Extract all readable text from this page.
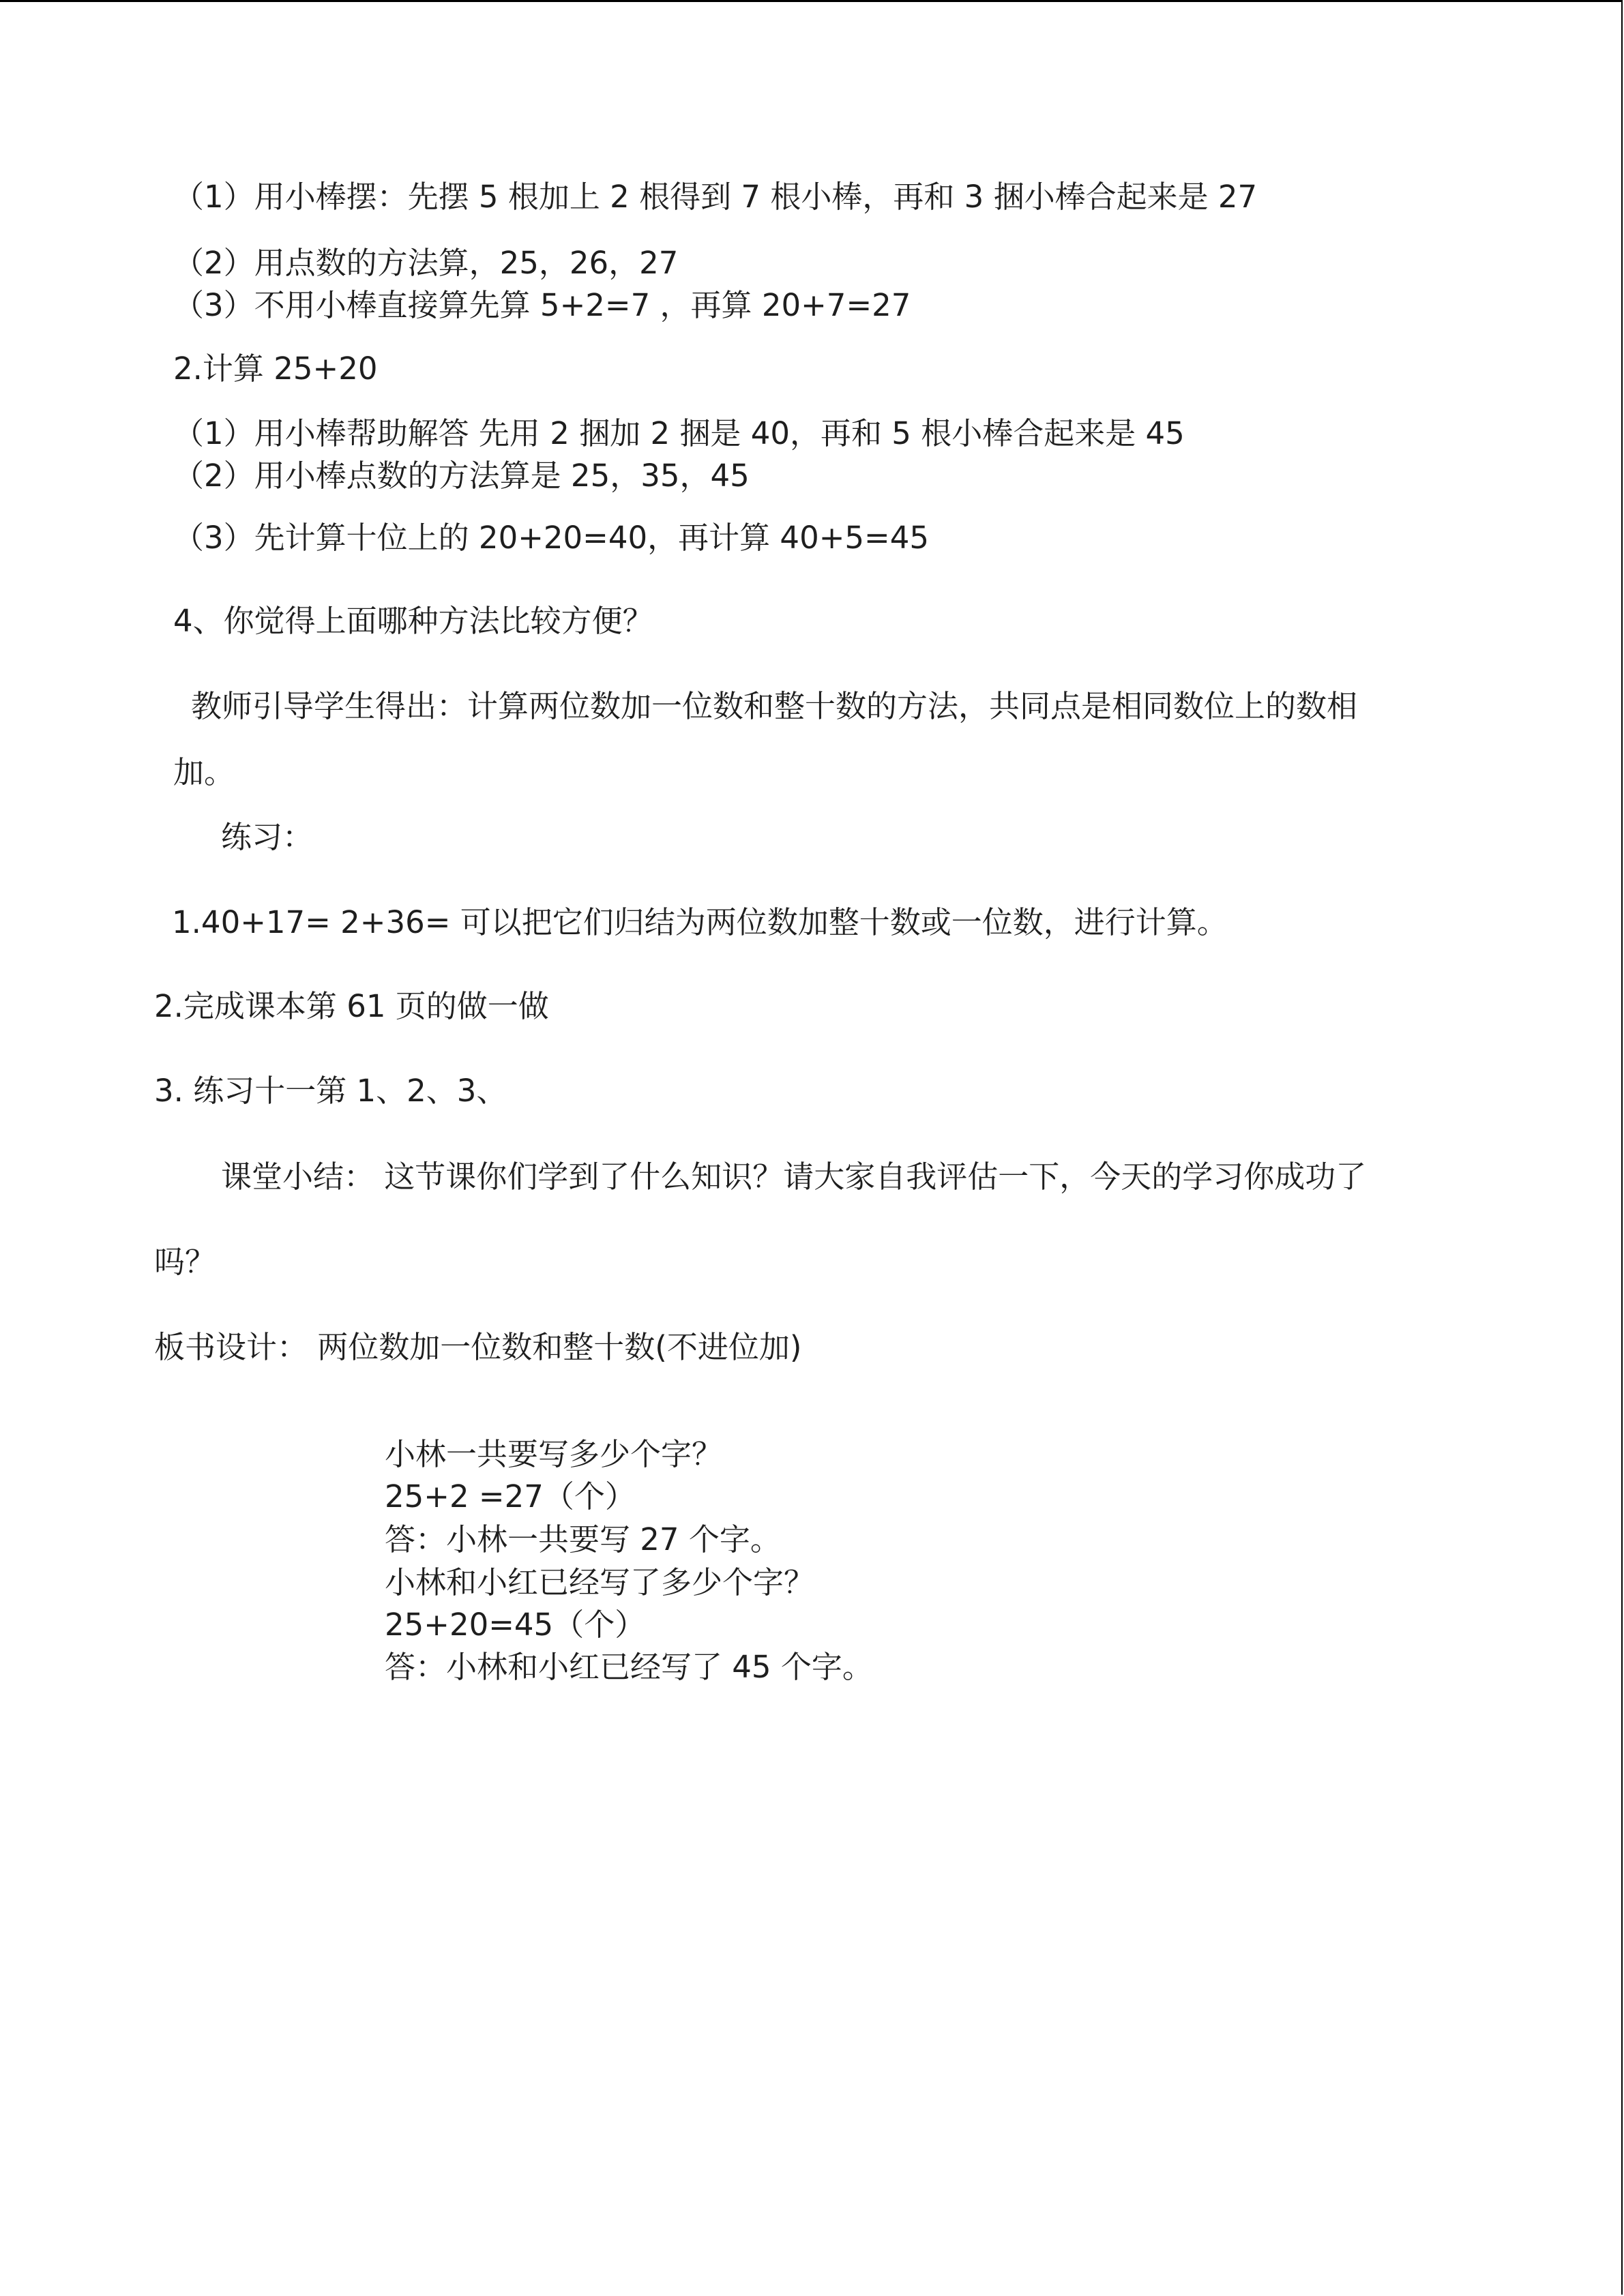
（1）用小棒摆：先摆 5 根加上 2 根得到 7 根小棒，再和 3 捆小棒合起来是 27
（2）用点数的方法算，25，26，27
（3）不用小棒直接算先算 5+2=7 ，再算 20+7=27
2.计算 25+20
（1）用小棒帮助解答 先用 2 捆加 2 捆是 40，再和 5 根小棒合起来是 45
（2）用小棒点数的方法算是 25，35，45
（3）先计算十位上的 20+20=40，再计算 40+5=45
4、你觉得上面哪种方法比较方便？
教师引导学生得出：计算两位数加一位数和整十数的方法，共同点是相同数位上的数相
加。
练习：
1.40+17= 2+36= 可以把它们归结为两位数加整十数或一位数，进行计算。
2.完成课本第 61 页的做一做
3. 练习十一第 1、2、3、
课堂小结： 这节课你们学到了什么知识？请大家自我评估一下，今天的学习你成功了
吗？
板书设计： 两位数加一位数和整十数(不进位加)
小林一共要写多少个字？
25+2 =27（个）
答：小林一共要写 27 个字。
小林和小红已经写了多少个字？
25+20=45（个）
答：小林和小红已经写了 45 个字。
